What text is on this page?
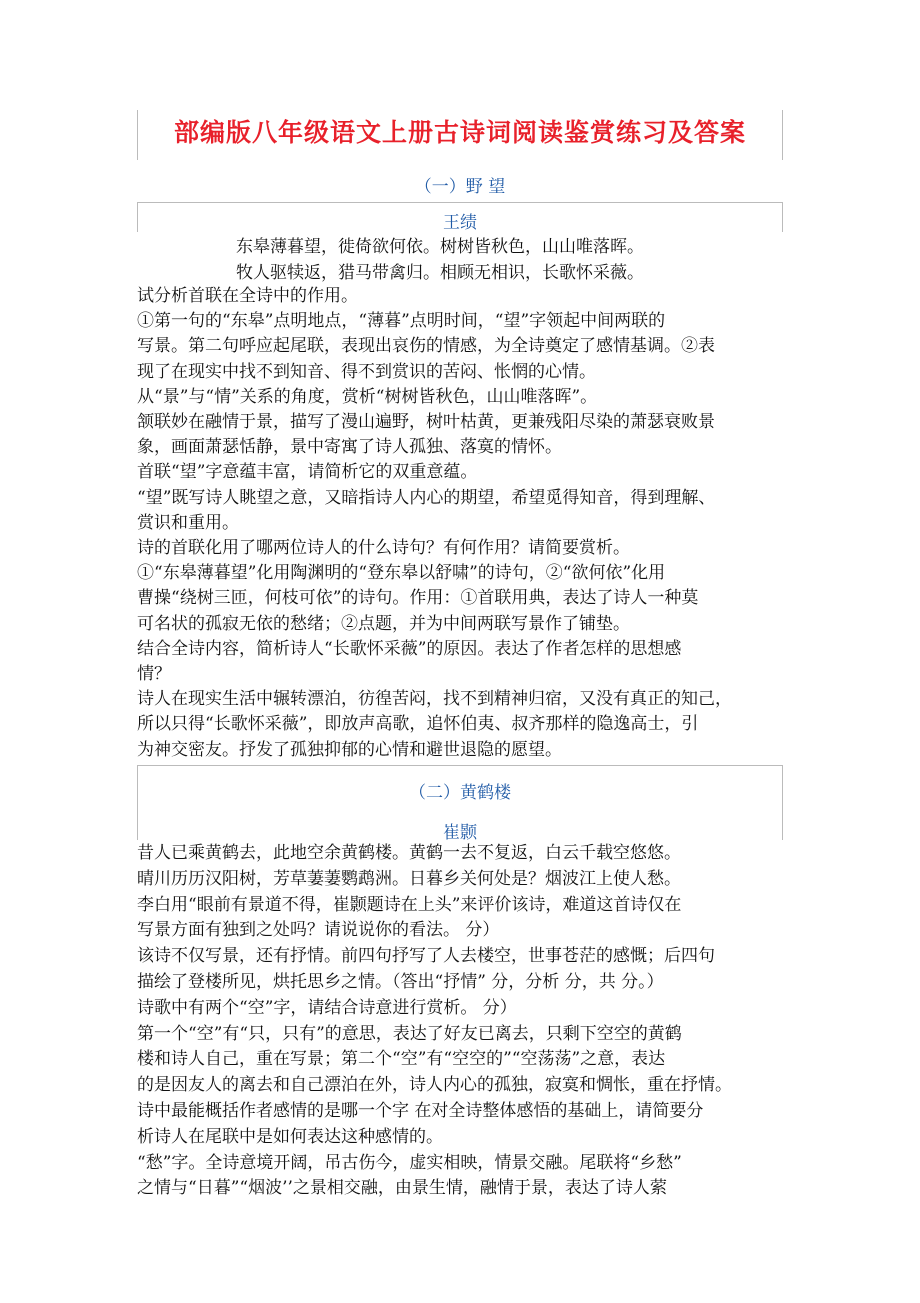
部编版八年级语文上册古诗词阅读鉴赏练习及答案
（一）野 望
王绩
东皋薄暮望，徙倚欲何依。树树皆秋色，山山唯落晖。
牧人驱犊返，猎马带禽归。相顾无相识，长歌怀采薇。
试分析首联在全诗中的作用。
①第一句的“东皋”点明地点，“薄暮”点明时间，“望”字领起中间两联的
写景。第二句呼应起尾联，表现出哀伤的情感，为全诗奠定了感情基调。②表
现了在现实中找不到知音、得不到赏识的苦闷、怅惘的心情。
从“景”与“情”关系的角度，赏析“树树皆秋色，山山唯落晖”。
颔联妙在融情于景，描写了漫山遍野，树叶枯黄，更兼残阳尽染的萧瑟衰败景
象，画面萧瑟恬静，景中寄寓了诗人孤独、落寞的情怀。
首联“望”字意蕴丰富，请简析它的双重意蕴。
“望”既写诗人眺望之意，又暗指诗人内心的期望，希望觅得知音，得到理解、
赏识和重用。
诗的首联化用了哪两位诗人的什么诗句？有何作用？请简要赏析。
①“东皋薄暮望”化用陶渊明的“登东皋以舒啸”的诗句，②“欲何依”化用
曹操“绕树三匝，何枝可依”的诗句。作用：①首联用典，表达了诗人一种莫
可名状的孤寂无依的愁绪；②点题，并为中间两联写景作了铺垫。
结合全诗内容，简析诗人“长歌怀采薇”的原因。表达了作者怎样的思想感
情？
诗人在现实生活中辗转漂泊，彷徨苦闷，找不到精神归宿，又没有真正的知己，
所以只得“长歌怀采薇”，即放声高歌，追怀伯夷、叔齐那样的隐逸高士，引
为神交密友。抒发了孤独抑郁的心情和避世退隐的愿望。
（二）黄鹤楼
崔颢
昔人已乘黄鹤去，此地空余黄鹤楼。黄鹤一去不复返，白云千载空悠悠。
晴川历历汉阳树，芳草萋萋鹦鹉洲。日暮乡关何处是？烟波江上使人愁。
李白用“眼前有景道不得，崔颢题诗在上头”来评价该诗，难道这首诗仅在
写景方面有独到之处吗？请说说你的看法。 分）
该诗不仅写景，还有抒情。前四句抒写了人去楼空，世事苍茫的感慨；后四句
描绘了登楼所见，烘托思乡之情。（答出“抒情” 分，分析 分，共 分。）
诗歌中有两个“空”字，请结合诗意进行赏析。 分）
第一个“空”有“只，只有”的意思，表达了好友已离去，只剩下空空的黄鹤
楼和诗人自己，重在写景；第二个“空”有“空空的”“空荡荡”之意，表达
的是因友人的离去和自己漂泊在外，诗人内心的孤独，寂寞和惆怅，重在抒情。
诗中最能概括作者感情的是哪一个字 在对全诗整体感悟的基础上，请简要分
析诗人在尾联中是如何表达这种感情的。
“愁”字。全诗意境开阔，吊古伤今，虚实相映，情景交融。尾联将“乡愁”
之情与“日暮”“烟波’’之景相交融，由景生情，融情于景，表达了诗人萦
